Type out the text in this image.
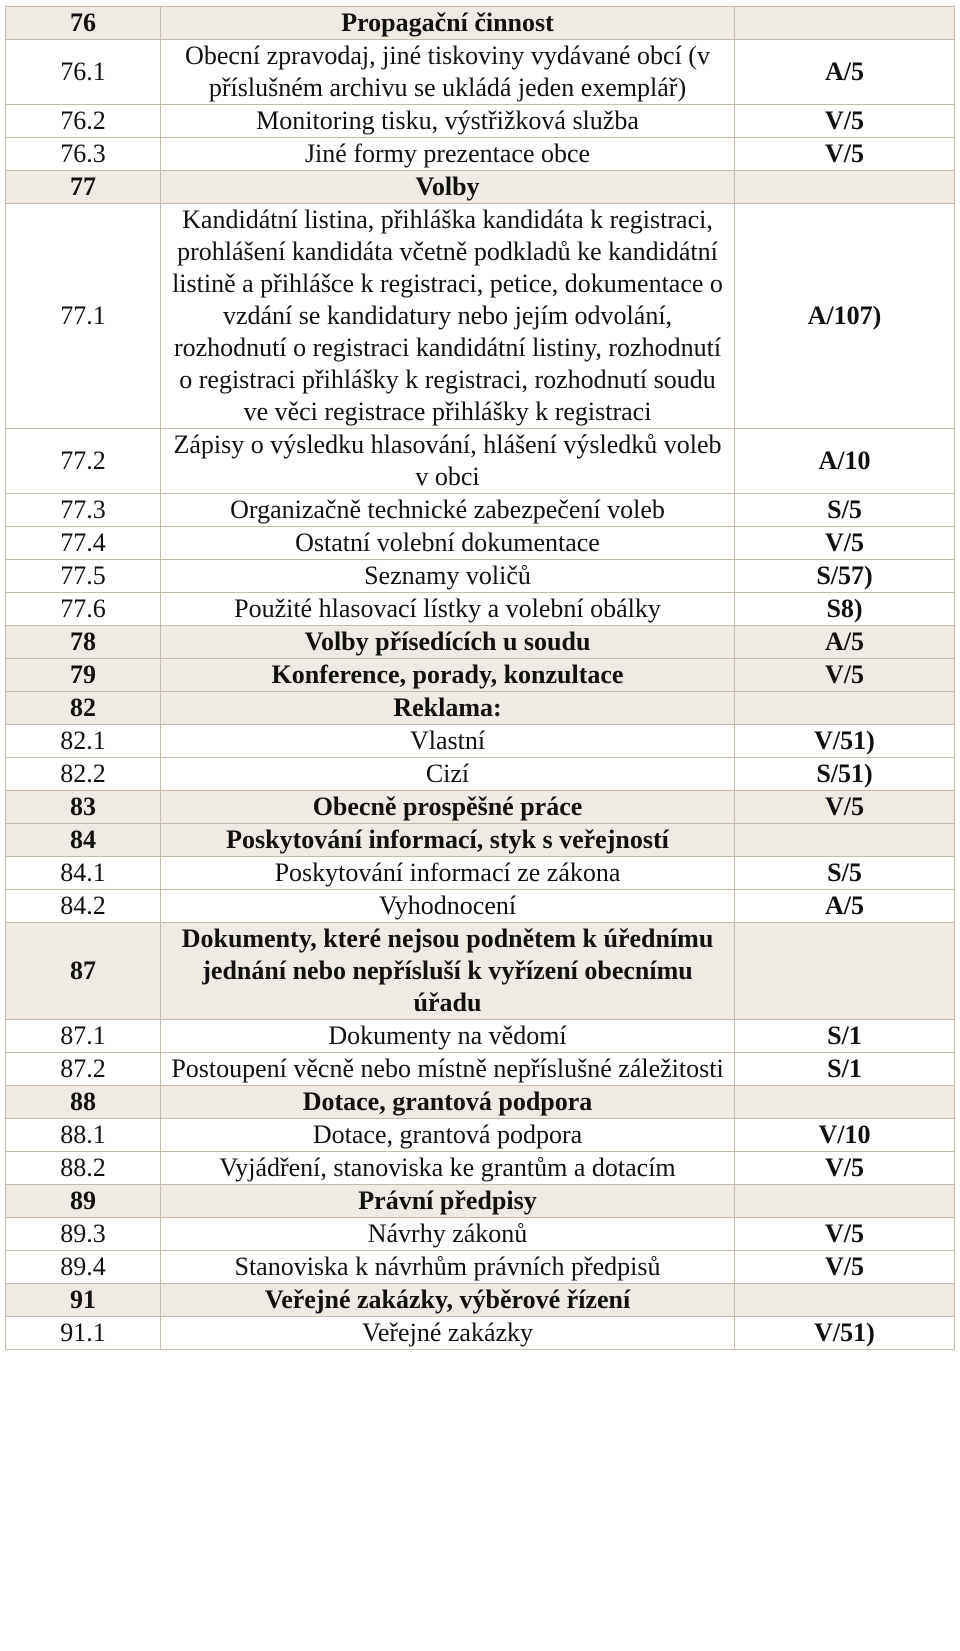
76	Propagační činnost	
76.1	Obecní zpravodaj, jiné tiskoviny vydávané obcí (v příslušném archivu se ukládá jeden exemplář)	A/5
76.2	Monitoring tisku, výstřižková služba	V/5
76.3	Jiné formy prezentace obce	V/5
77	Volby	
77.1	Kandidátní listina, přihláška kandidáta k registraci, prohlášení kandidáta včetně podkladů ke kandidátní listině a přihlášce k registraci, petice, dokumentace o vzdání se kandidatury nebo jejím odvolání, rozhodnutí o registraci kandidátní listiny, rozhodnutí o registraci přihlášky k registraci, rozhodnutí soudu ve věci registrace přihlášky k registraci	A/107)
77.2	Zápisy o výsledku hlasování, hlášení výsledků voleb v obci	A/10
77.3	Organizačně technické zabezpečení voleb	S/5
77.4	Ostatní volební dokumentace	V/5
77.5	Seznamy voličů	S/57)
77.6	Použité hlasovací lístky a volební obálky	S8)
78	Volby přísedících u soudu	A/5
79	Konference, porady, konzultace	V/5
82	Reklama:	
82.1	Vlastní	V/51)
82.2	Cizí	S/51)
83	Obecně prospěšné práce	V/5
84	Poskytování informací, styk s veřejností	
84.1	Poskytování informací ze zákona	S/5
84.2	Vyhodnocení	A/5
87	Dokumenty, které nejsou podnětem k úřednímu jednání nebo nepřísluší k vyřízení obecnímu úřadu	
87.1	Dokumenty na vědomí	S/1
87.2	Postoupení věcně nebo místně nepříslušné záležitosti	S/1
88	Dotace, grantová podpora	
88.1	Dotace, grantová podpora	V/10
88.2	Vyjádření, stanoviska ke grantům a dotacím	V/5
89	Právní předpisy	
89.3	Návrhy zákonů	V/5
89.4	Stanoviska k návrhům právních předpisů	V/5
91	Veřejné zakázky, výběrové řízení	
91.1	Veřejné zakázky	V/51)
